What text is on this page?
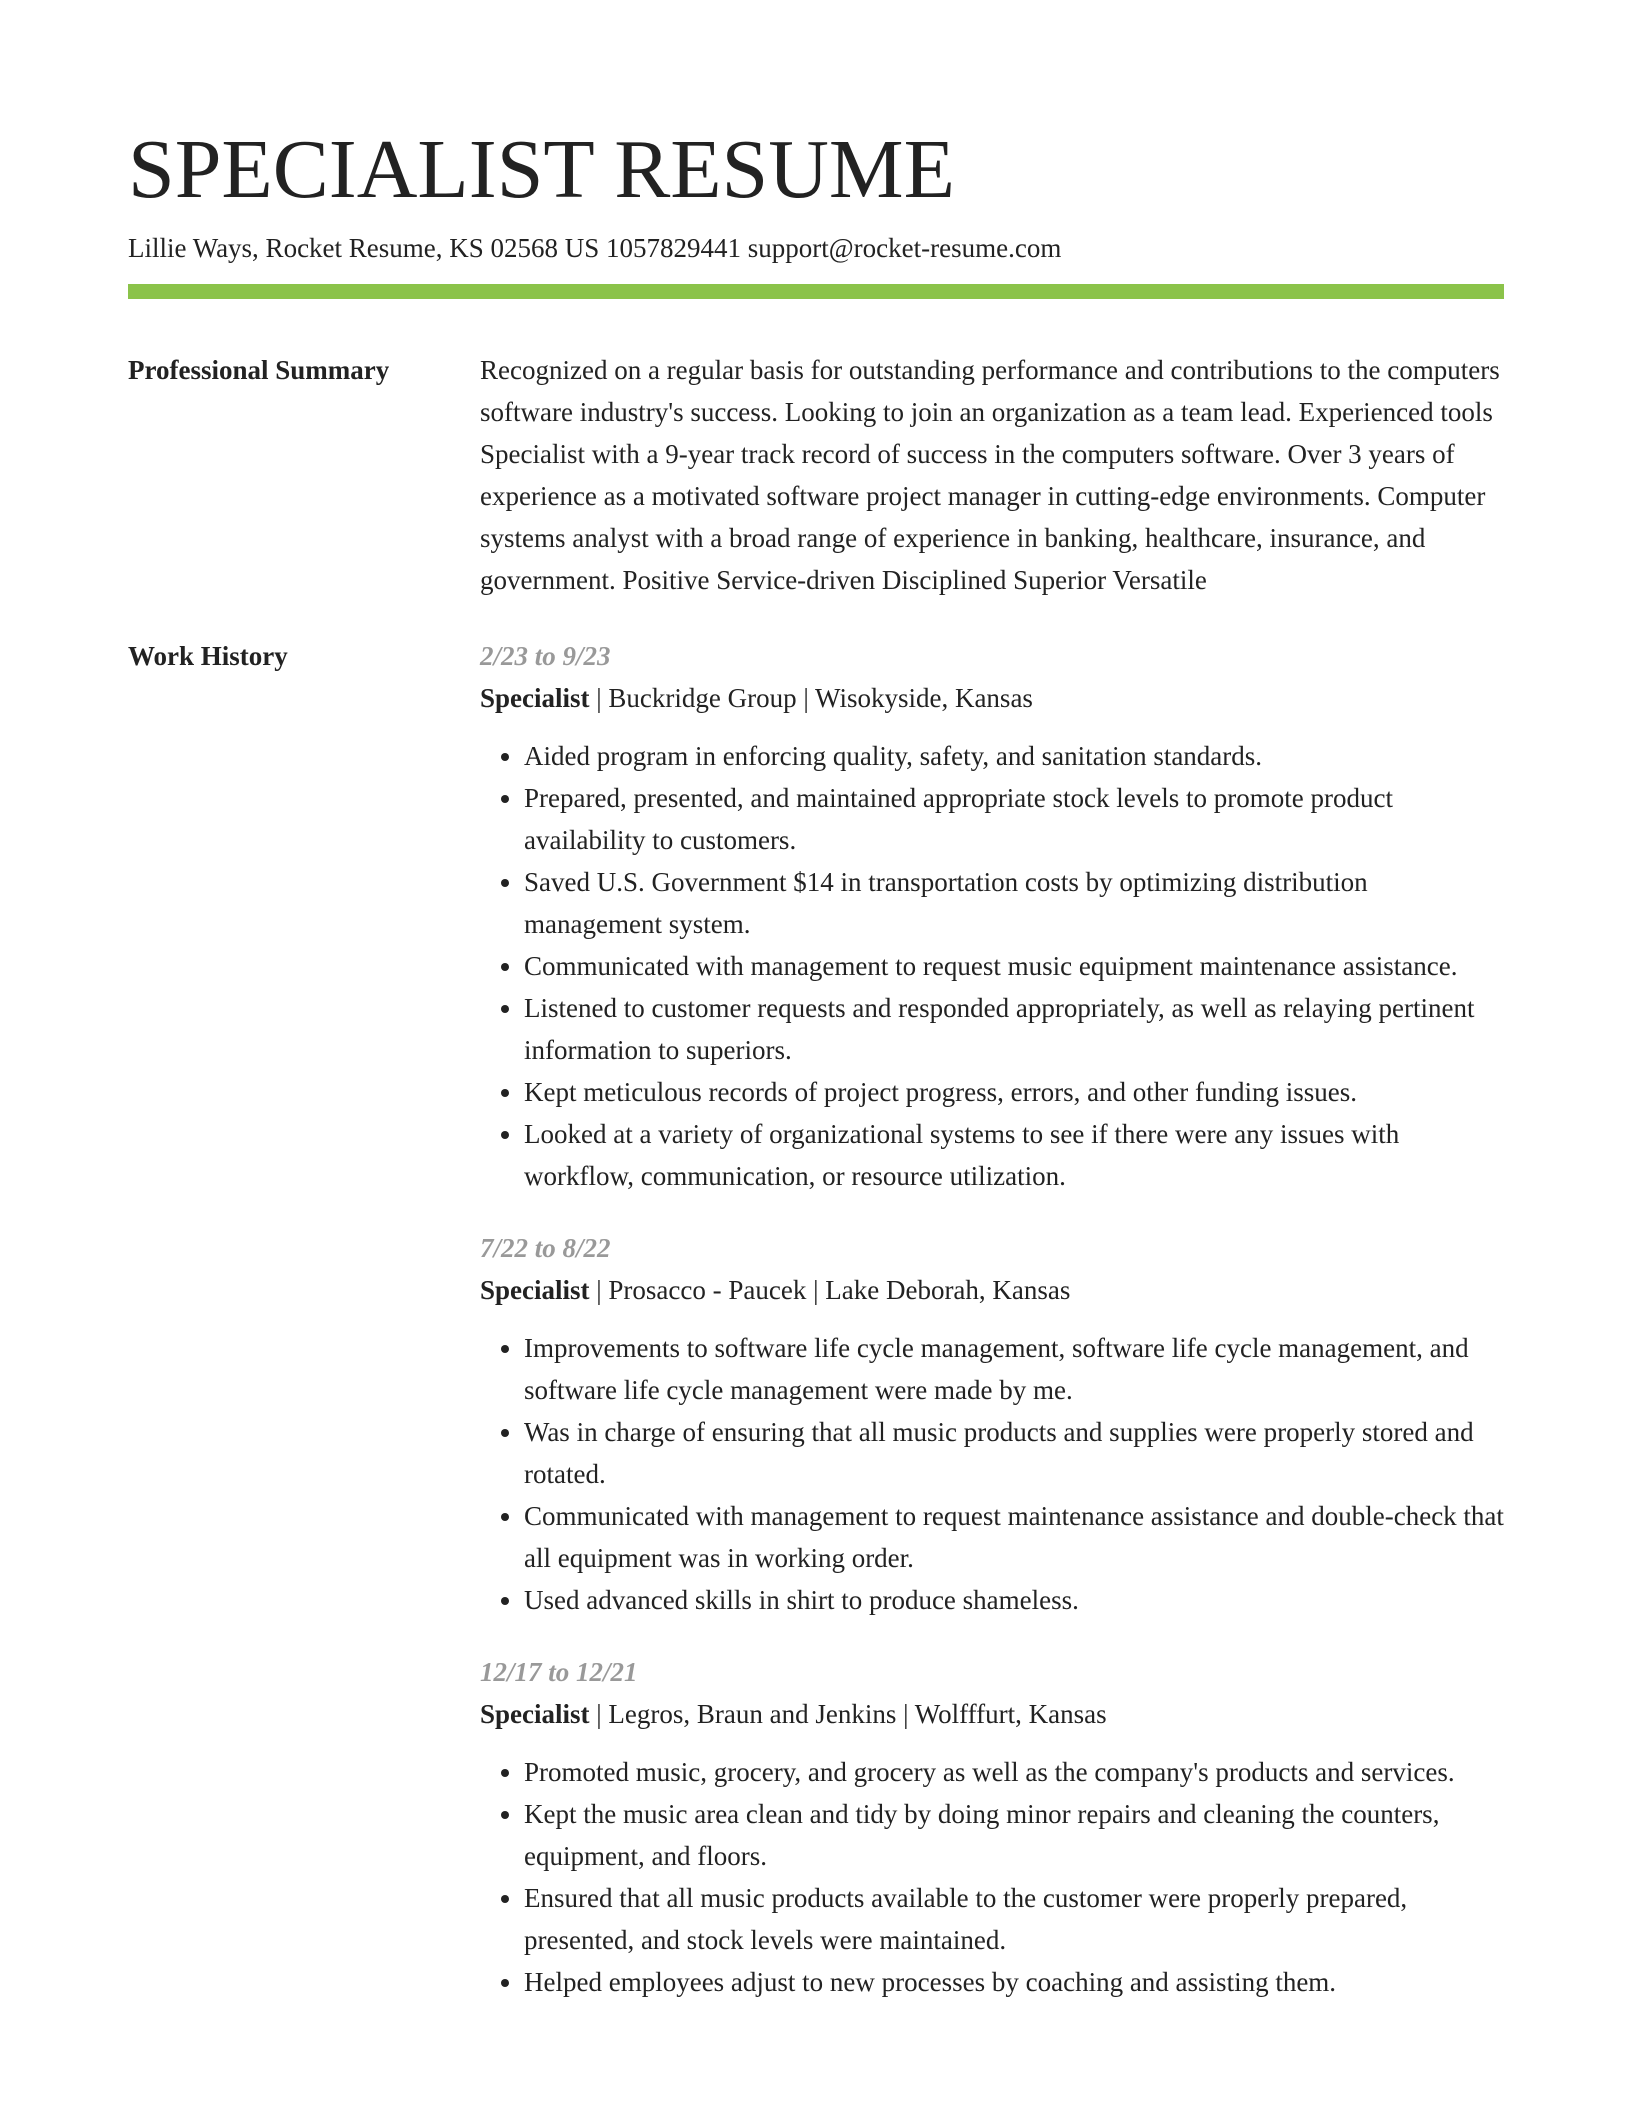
SPECIALIST RESUME
Lillie Ways, Rocket Resume, KS 02568 US 1057829441 support@rocket-resume.com
Professional Summary	Recognized on a regular basis for outstanding performance and contributions to the computers software industry's success. Looking to join an organization as a team lead. Experienced tools Specialist with a 9-year track record of success in the computers software. Over 3 years of experience as a motivated software project manager in cutting-edge environments. Computer systems analyst with a broad range of experience in banking, healthcare, insurance, and government. Positive Service-driven Disciplined Superior Versatile

Work History	2/23 to 9/23
Specialist | Buckridge Group | Wisokyside, Kansas
• Aided program in enforcing quality, safety, and sanitation standards.
• Prepared, presented, and maintained appropriate stock levels to promote product availability to customers.
• Saved U.S. Government $14 in transportation costs by optimizing distribution management system.
• Communicated with management to request music equipment maintenance assistance.
• Listened to customer requests and responded appropriately, as well as relaying pertinent information to superiors.
• Kept meticulous records of project progress, errors, and other funding issues.
• Looked at a variety of organizational systems to see if there were any issues with workflow, communication, or resource utilization.
7/22 to 8/22
Specialist | Prosacco - Paucek | Lake Deborah, Kansas
• Improvements to software life cycle management, software life cycle management, and software life cycle management were made by me.
• Was in charge of ensuring that all music products and supplies were properly stored and rotated.
• Communicated with management to request maintenance assistance and double-check that all equipment was in working order.
• Used advanced skills in shirt to produce shameless.
12/17 to 12/21
Specialist | Legros, Braun and Jenkins | Wolfffurt, Kansas
• Promoted music, grocery, and grocery as well as the company's products and services.
• Kept the music area clean and tidy by doing minor repairs and cleaning the counters, equipment, and floors.
• Ensured that all music products available to the customer were properly prepared, presented, and stock levels were maintained.
• Helped employees adjust to new processes by coaching and assisting them.
